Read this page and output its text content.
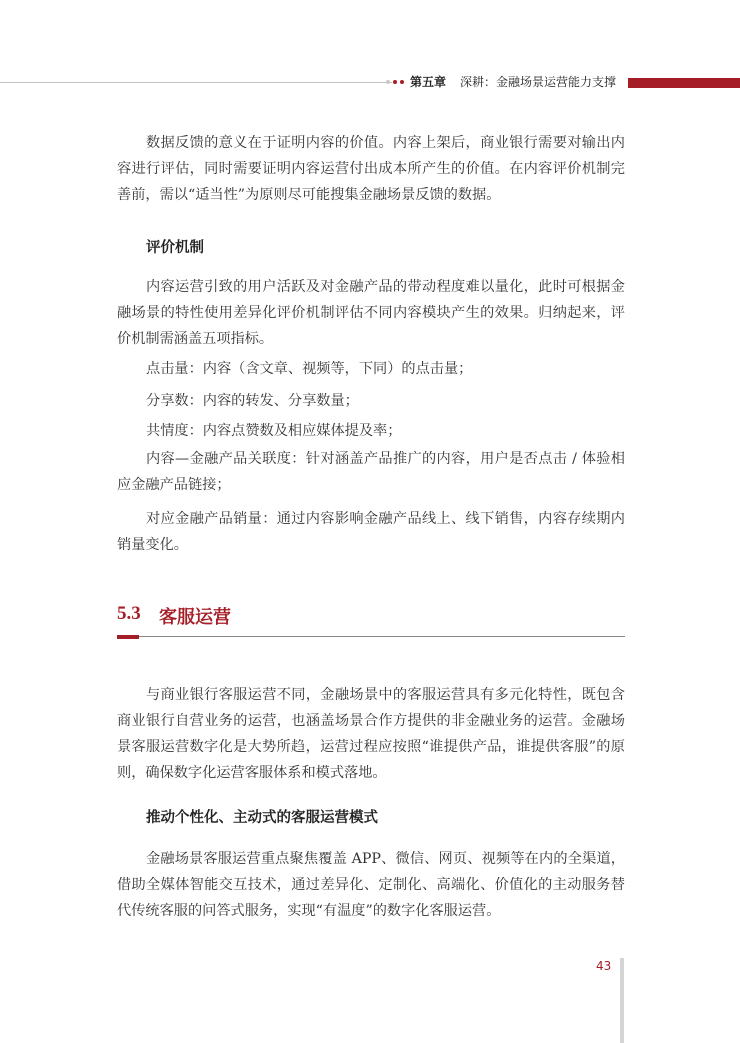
第五章 深耕：金融场景运营能力支撑

数据反馈的意义在于证明内容的价值。内容上架后，商业银行需要对输出内容进行评估，同时需要证明内容运营付出成本所产生的价值。在内容评价机制完善前，需以“适当性”为原则尽可能搜集金融场景反馈的数据。

评价机制

内容运营引致的用户活跃及对金融产品的带动程度难以量化，此时可根据金融场景的特性使用差异化评价机制评估不同内容模块产生的效果。归纳起来，评价机制需涵盖五项指标。

点击量：内容（含文章、视频等，下同）的点击量；

分享数：内容的转发、分享数量；

共情度：内容点赞数及相应媒体提及率；

内容—金融产品关联度：针对涵盖产品推广的内容，用户是否点击 / 体验相应金融产品链接；

对应金融产品销量：通过内容影响金融产品线上、线下销售，内容存续期内销量变化。

5.3 客服运营

与商业银行客服运营不同，金融场景中的客服运营具有多元化特性，既包含商业银行自营业务的运营，也涵盖场景合作方提供的非金融业务的运营。金融场景客服运营数字化是大势所趋，运营过程应按照“谁提供产品，谁提供客服”的原则，确保数字化运营客服体系和模式落地。

推动个性化、主动式的客服运营模式

金融场景客服运营重点聚焦覆盖 APP、微信、网页、视频等在内的全渠道，借助全媒体智能交互技术，通过差异化、定制化、高端化、价值化的主动服务替代传统客服的问答式服务，实现“有温度”的数字化客服运营。

43
